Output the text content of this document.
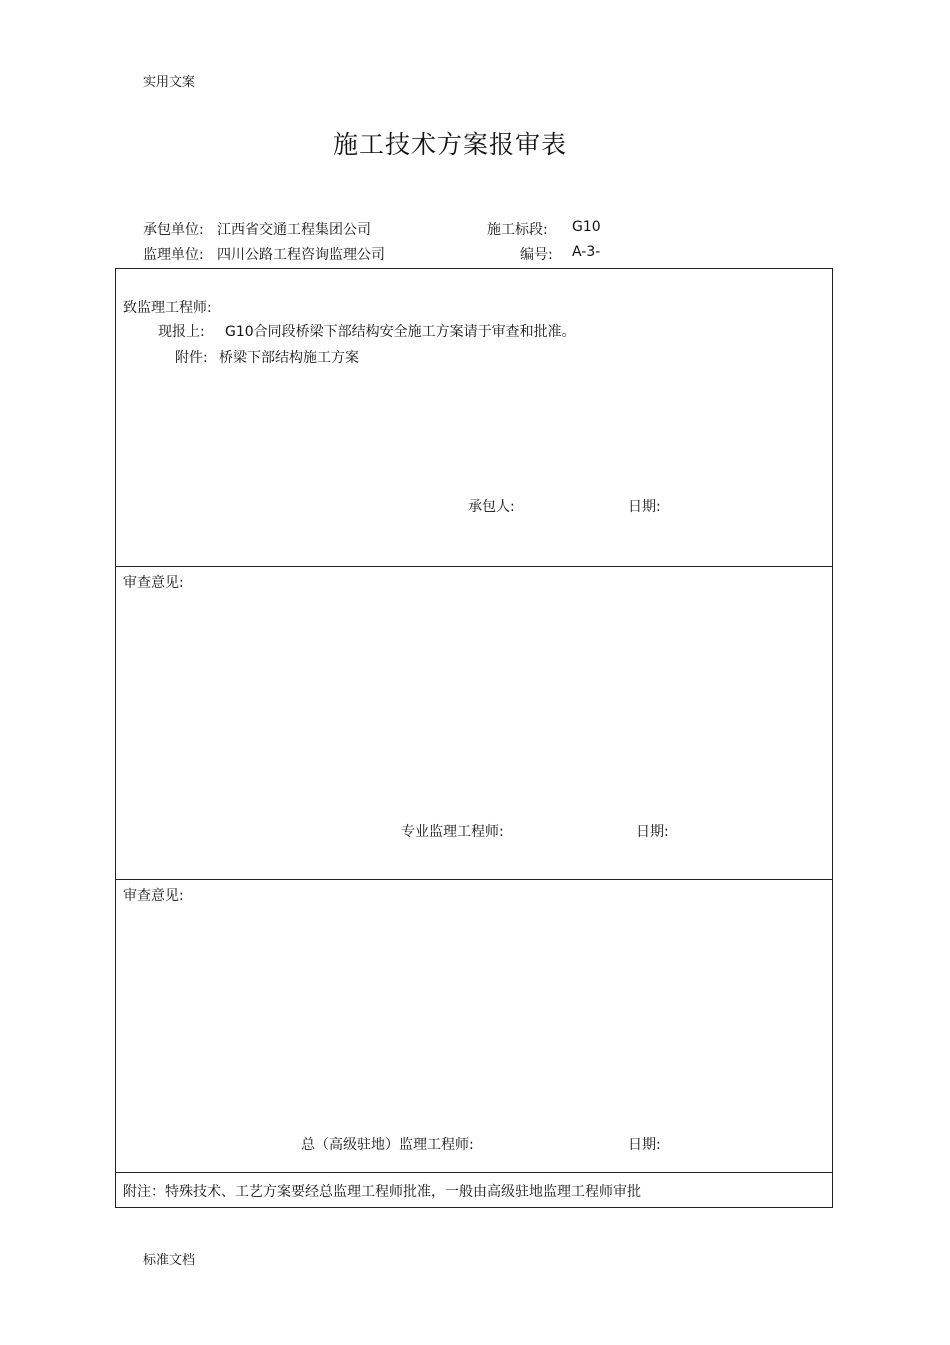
实用文案
施工技术方案报审表
承包单位: 江西省交通工程集团公司	施工标段: G10
监理单位: 四川公路工程咨询监理公司	编号: A-3-
致监理工程师:
现报上: G10合同段桥梁下部结构安全施工方案请于审查和批准。
附件: 桥梁下部结构施工方案
承包人:	日期:
审查意见:
专业监理工程师:	日期:
审查意见:
总（高级驻地）监理工程师:	日期:
附注：特殊技术、工艺方案要经总监理工程师批准，一般由高级驻地监理工程师审批
标准文档
